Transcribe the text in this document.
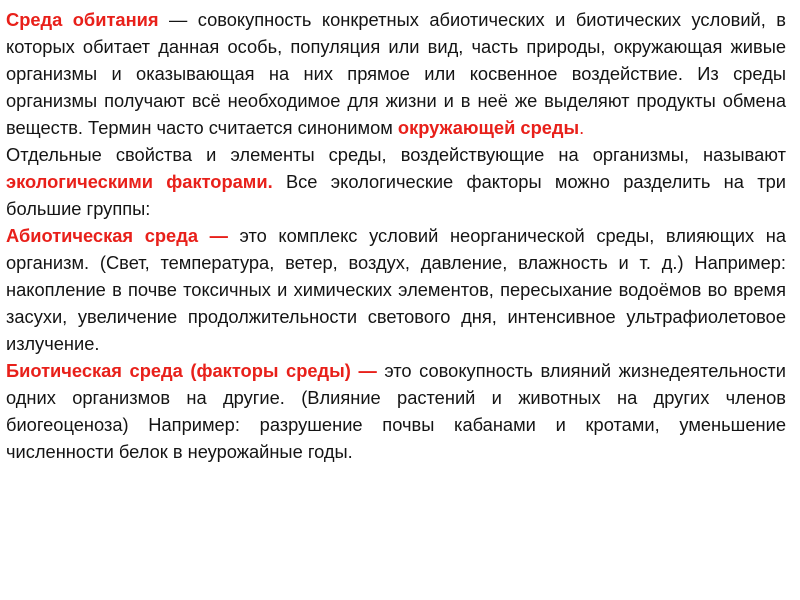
Среда обитания — совокупность конкретных абиотических и биотических условий, в которых обитает данная особь, популяция или вид, часть природы, окружающая живые организмы и оказывающая на них прямое или косвенное воздействие. Из среды организмы получают всё необходимое для жизни и в неё же выделяют продукты обмена веществ. Термин часто считается синонимом окружающей среды.

Отдельные свойства и элементы среды, воздействующие на организмы, называют экологическими факторами. Все экологические факторы можно разделить на три большие группы:

Абиотическая среда — это комплекс условий неорганической среды, влияющих на организм. (Свет, температура, ветер, воздух, давление, влажность и т. д.) Например: накопление в почве токсичных и химических элементов, пересыхание водоёмов во время засухи, увеличение продолжительности светового дня, интенсивное ультрафиолетовое излучение.

Биотическая среда (факторы среды) — это совокупность влияний жизнедеятельности одних организмов на другие. (Влияние растений и животных на других членов биогеоценоза) Например: разрушение почвы кабанами и кротами, уменьшение численности белок в неурожайные годы.
